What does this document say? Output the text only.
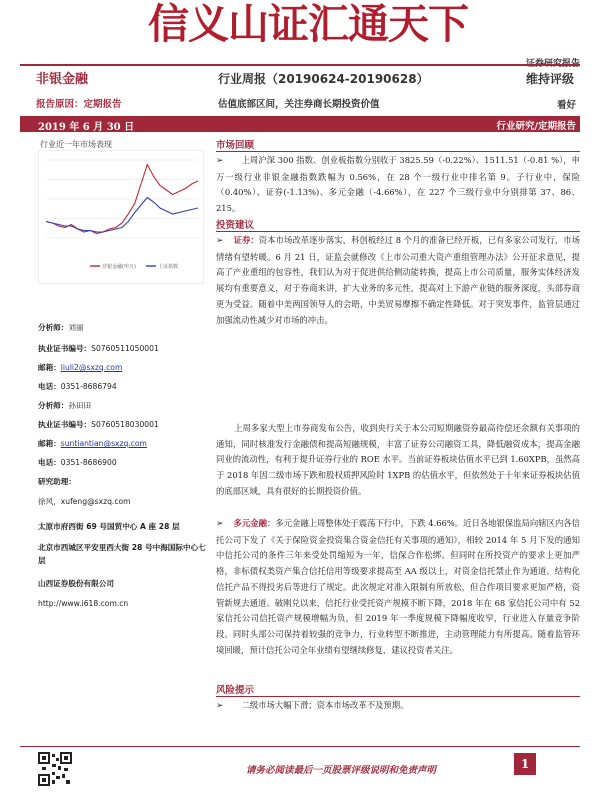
信义山证汇通天下
非银金融	行业周报（20190624-20190628）	维持评级
报告原因：定期报告	估值底部区间，关注券商长期投资价值	看好
2019 年 6 月 30 日	行业研究/定期报告
行业近一年市场表现
非银金融(申万)	上证指数
分析师：刘丽
执业证书编号：S0760511050001
邮箱：liuli2@sxzq.com
电话：0351-8686794
分析师：孙田田
执业证书编号：S0760518030001
邮箱：suntiantian@sxzq.com
电话：0351-8686900
研究助理：
徐风，xufeng@sxzq.com
太原市府西街 69 号国贸中心 A 座 28 层
北京市西城区平安里西大街 28 号中海国际中心七层
山西证券股份有限公司
http://www.i618.com.cn
市场回顾
➢ 上周沪深 300 指数、创业板指数分别收于 3825.59（-0.22%）、1511.51（-0.81 %），申万一级行业非银金融指数跌幅为 0.56%，在 28 个一级行业中排名第 9。子行业中，保险（0.40%）、证券(-1.13%)、多元金融（-4.66%），在 227 个三级行业中分别排第 37、86、215。
投资建议
➢ 证券：资本市场改革逐步落实，科创板经过 8 个月的准备已经开板，已有多家公司发行，市场情绪有望转暖。6 月 21 日，证监会就修改《上市公司重大资产重组管理办法》公开征求意见，提高了产业重组的包容性，我们认为对于促进供给侧动能转换，提高上市公司质量，服务实体经济发展均有重要意义，对于券商来讲，扩大业务的多元性，提高对上下游产业链的服务深度，头部券商更为受益。随着中美两国领导人的会晤，中美贸易摩擦不确定性降低。对于突发事件，监管层通过加强流动性减少对市场的冲击。
上周多家大型上市券商发布公告，收到央行关于本公司短期融资券最高待偿还余额有关事项的通知，同时核准发行金融债和提高短融规模，丰富了证券公司融资工具，降低融资成本，提高金融同业的流动性，有利于提升证券行业的 ROE 水平。当前证券板块估值水平已到 1.60XPB，虽然高于 2018 年因二级市场下跌和股权质押风险时 1XPB 的估值水平，但依然处于十年来证券板块估值的底部区域，具有很好的长期投资价值。
➢ 多元金融：多元金融上周整体处于震荡下行中，下跌 4.66%。近日各地银保监局向辖区内各信托公司下发了《关于保险资金投资集合资金信托有关事项的通知》，相较 2014 年 5 月下发的通知中信托公司的条件三年来受处罚缩短为一年，信保合作松绑。但同时在所投资产的要求上更加严格，非标债权类资产集合信托信用等级要求提高至 AA 级以上，对资金信托禁止作为通道、结构化信托产品不得投劣后等进行了规定。此次规定对准入限制有所放松，但合作项目要求更加严格，资管新规去通道、破刚兑以来，信托行业受托资产规模不断下降，2018 年在 68 家信托公司中有 52 家信托公司信托资产规模增幅为负，但 2019 年一季度规模下降幅度收窄，行业进入存量竞争阶段。同时头部公司保持着较强的竞争力，行业转型不断推进，主动管理能力有所提高。随着监管环境回暖，预计信托公司全年业绩有望继续修复，建议投资者关注。
风险提示
➢ 二级市场大幅下滑；资本市场改革不及预期。
请务必阅读最后一页股票评级说明和免责声明	1
